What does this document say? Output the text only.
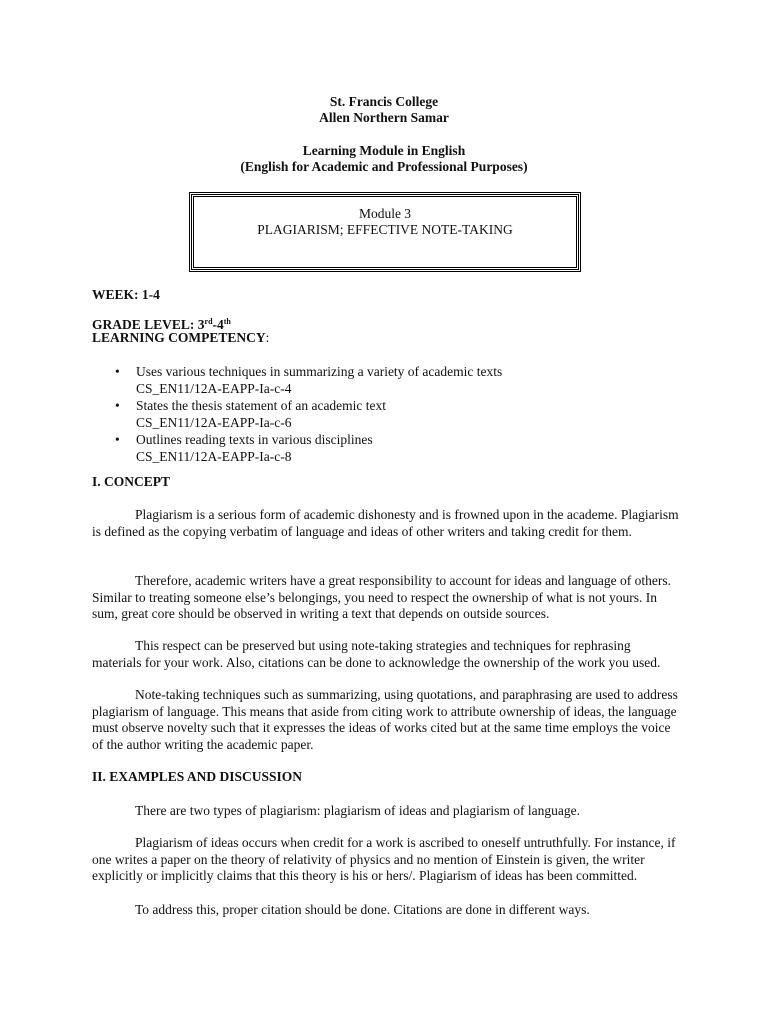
St. Francis College
Allen Northern Samar
Learning Module in English
(English for Academic and Professional Purposes)
Module 3
PLAGIARISM; EFFECTIVE NOTE-TAKING
WEEK: 1-4
GRADE LEVEL: 3rd-4th
LEARNING COMPETENCY:
• Uses various techniques in summarizing a variety of academic texts
CS_EN11/12A-EAPP-Ia-c-4
• States the thesis statement of an academic text
CS_EN11/12A-EAPP-Ia-c-6
• Outlines reading texts in various disciplines
CS_EN11/12A-EAPP-Ia-c-8
I. CONCEPT
Plagiarism is a serious form of academic dishonesty and is frowned upon in the academe. Plagiarism is defined as the copying verbatim of language and ideas of other writers and taking credit for them.
Therefore, academic writers have a great responsibility to account for ideas and language of others. Similar to treating someone else’s belongings, you need to respect the ownership of what is not yours. In sum, great core should be observed in writing a text that depends on outside sources.
This respect can be preserved but using note-taking strategies and techniques for rephrasing materials for your work. Also, citations can be done to acknowledge the ownership of the work you used.
Note-taking techniques such as summarizing, using quotations, and paraphrasing are used to address plagiarism of language. This means that aside from citing work to attribute ownership of ideas, the language must observe novelty such that it expresses the ideas of works cited but at the same time employs the voice of the author writing the academic paper.
II. EXAMPLES AND DISCUSSION
There are two types of plagiarism: plagiarism of ideas and plagiarism of language.
Plagiarism of ideas occurs when credit for a work is ascribed to oneself untruthfully. For instance, if one writes a paper on the theory of relativity of physics and no mention of Einstein is given, the writer explicitly or implicitly claims that this theory is his or hers/. Plagiarism of ideas has been committed.
To address this, proper citation should be done. Citations are done in different ways.
